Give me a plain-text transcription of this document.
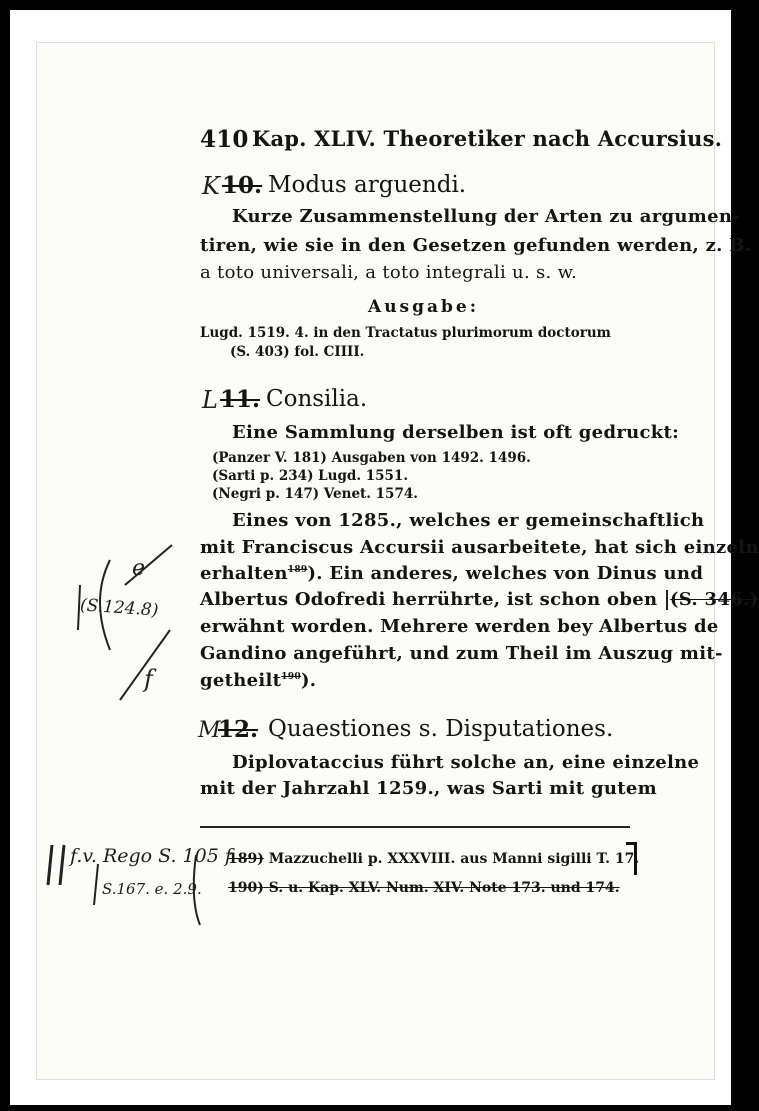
410 Kap. XLIV. Theoretiker nach Accursius.
K 10. Modus arguendi.
Kurze Zusammenstellung der Arten zu argumen-
tiren, wie sie in den Gesetzen gefunden werden, z. B.
a toto universali, a toto integrali u. s. w.
Ausgabe:
Lugd. 1519. 4. in den Tractatus plurimorum doctorum
(S. 403) fol. CIIII.
L 11. Consilia.
Eine Sammlung derselben ist oft gedruckt:
(Panzer V. 181) Ausgaben von 1492. 1496.
(Sarti p. 234) Lugd. 1551.
(Negri p. 147) Venet. 1574.
Eines von 1285., welches er gemeinschaftlich
mit Franciscus Accursii ausarbeitete, hat sich einzeln
erhalten$^{189}$). Ein anderes, welches von Dinus und
Albertus Odofredi herrührte, ist schon oben (S. 346.)
erwähnt worden. Mehrere werden bey Albertus de
Gandino angeführt, und zum Theil im Auszug mit-
getheilt$^{190}$).
M
12. Quaestiones s. Disputationes.
Diplovataccius führt solche an, eine einzelne
mit der Jahrzahl 1259., was Sarti mit gutem
189) Mazzuchelli p. XXXVIII. aus Manni sigilli T. 17.
190) S. u. Kap. XLV. Num. XIV. Note 173. und 174.
(S.124.8)
e
f
f.v. Rego S. 105 f
S.167. e. 2.9.
